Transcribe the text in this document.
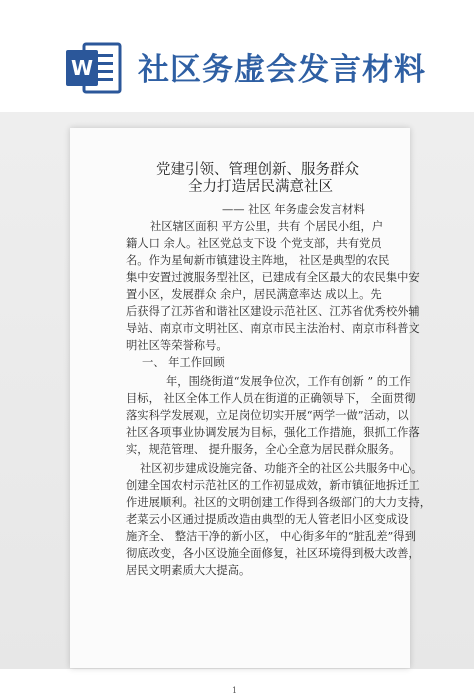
W 社区务虚会发言材料
党建引领、管理创新、服务群众
全力打造居民满意社区
—— 社区 年务虚会发言材料
社区辖区面积 平方公里，共有 个居民小组，户
籍人口 余人。社区党总支下设 个党支部，共有党员
名。作为星甸新市镇建设主阵地， 社区是典型的农民
集中安置过渡服务型社区，已建成有全区最大的农民集中安
置小区，发展群众 余户，居民满意率达 成以上。先
后获得了江苏省和谐社区建设示范社区、江苏省优秀校外辅
导站、南京市文明社区、南京市民主法治村、南京市科普文
明社区等荣誉称号。
一、 年工作回顾
年，围绕街道“发展争位次，工作有创新 ” 的工作
目标， 社区全体工作人员在街道的正确领导下， 全面贯彻
落实科学发展观，立足岗位切实开展“两学一做”活动，以
社区各项事业协调发展为目标，强化工作措施，狠抓工作落
实，规范管理、 提升服务，全心全意为居民群众服务。
社区初步建成设施完备、功能齐全的社区公共服务中心。
创建全国农村示范社区的工作初显成效，新市镇征地拆迁工
作进展顺利。社区的文明创建工作得到各级部门的大力支持，
老菜云小区通过提质改造由典型的无人管老旧小区变成设
施齐全、 整洁干净的新小区， 中心街多年的“脏乱差”得到
彻底改变，各小区设施全面修复，社区环境得到极大改善，
居民文明素质大大提高。
1
